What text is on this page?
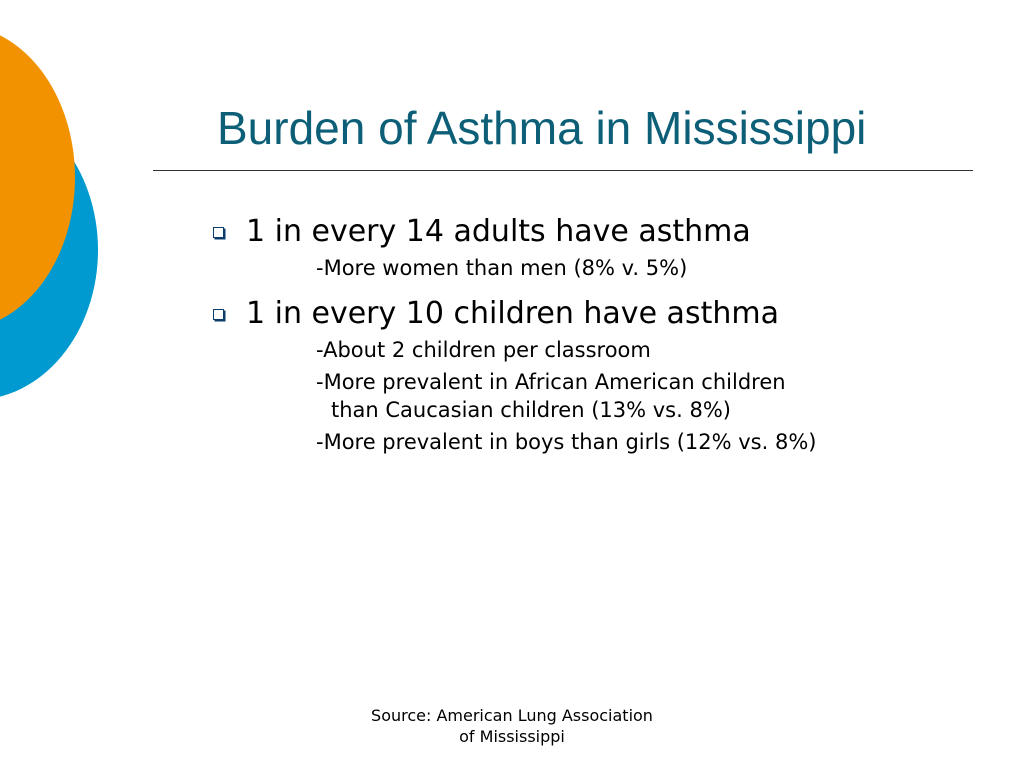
Burden of Asthma in Mississippi
1 in every 14 adults have asthma
-More women than men (8% v. 5%)
1 in every 10 children have asthma
-About 2 children per classroom
-More prevalent in African American children
than Caucasian children (13% vs. 8%)
-More prevalent in boys than girls (12% vs. 8%)
Source: American Lung Association
of Mississippi
